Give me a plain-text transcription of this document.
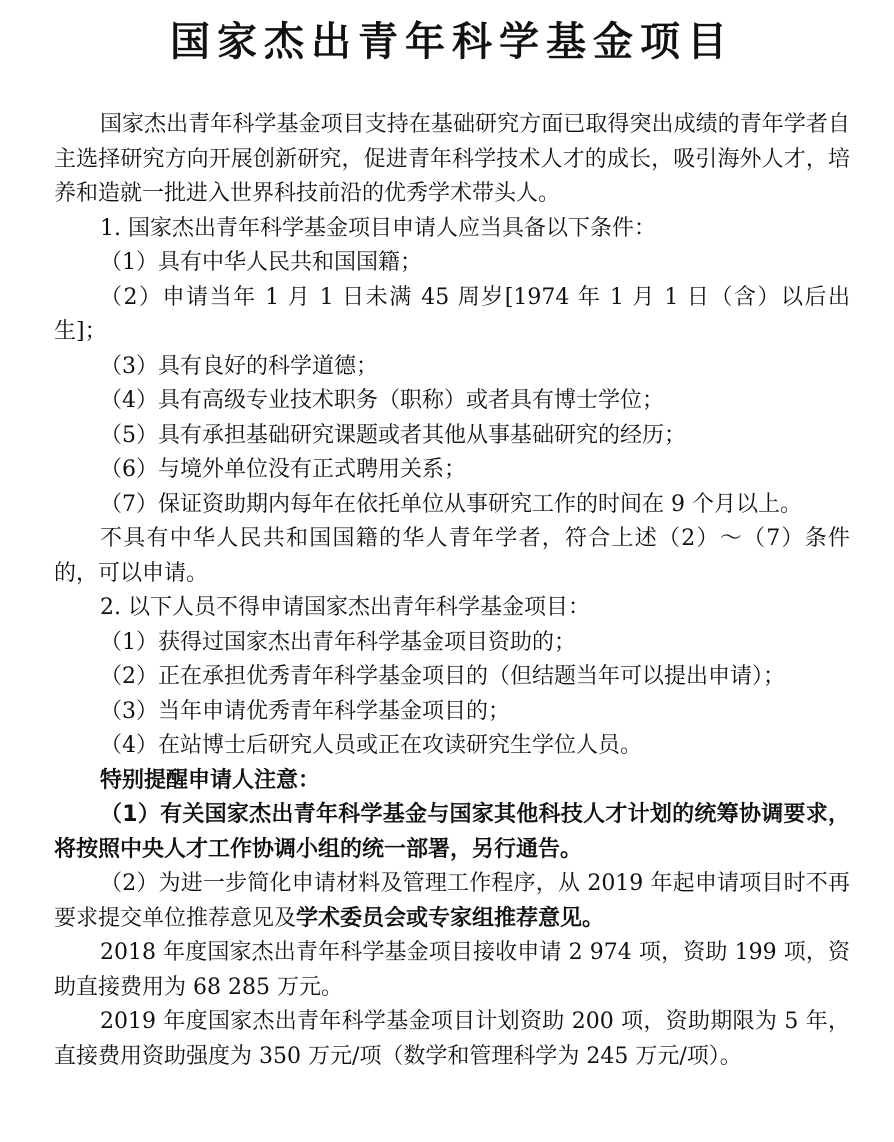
国家杰出青年科学基金项目

国家杰出青年科学基金项目支持在基础研究方面已取得突出成绩的青年学者自主选择研究方向开展创新研究，促进青年科学技术人才的成长，吸引海外人才，培养和造就一批进入世界科技前沿的优秀学术带头人。

1. 国家杰出青年科学基金项目申请人应当具备以下条件：

（1）具有中华人民共和国国籍；

（2）申请当年 1 月 1 日未满 45 周岁[1974 年 1 月 1 日（含）以后出生]；

（3）具有良好的科学道德；

（4）具有高级专业技术职务（职称）或者具有博士学位；

（5）具有承担基础研究课题或者其他从事基础研究的经历；

（6）与境外单位没有正式聘用关系；

（7）保证资助期内每年在依托单位从事研究工作的时间在 9 个月以上。

不具有中华人民共和国国籍的华人青年学者，符合上述（2）～（7）条件的，可以申请。

2. 以下人员不得申请国家杰出青年科学基金项目：

（1）获得过国家杰出青年科学基金项目资助的；

（2）正在承担优秀青年科学基金项目的（但结题当年可以提出申请）；

（3）当年申请优秀青年科学基金项目的；

（4）在站博士后研究人员或正在攻读研究生学位人员。

特别提醒申请人注意：

（1）有关国家杰出青年科学基金与国家其他科技人才计划的统筹协调要求，将按照中央人才工作协调小组的统一部署，另行通告。

（2）为进一步简化申请材料及管理工作程序，从 2019 年起申请项目时不再要求提交单位推荐意见及学术委员会或专家组推荐意见。

2018 年度国家杰出青年科学基金项目接收申请 2 974 项，资助 199 项，资助直接费用为 68 285 万元。

2019 年度国家杰出青年科学基金项目计划资助 200 项，资助期限为 5 年，直接费用资助强度为 350 万元/项（数学和管理科学为 245 万元/项）。
